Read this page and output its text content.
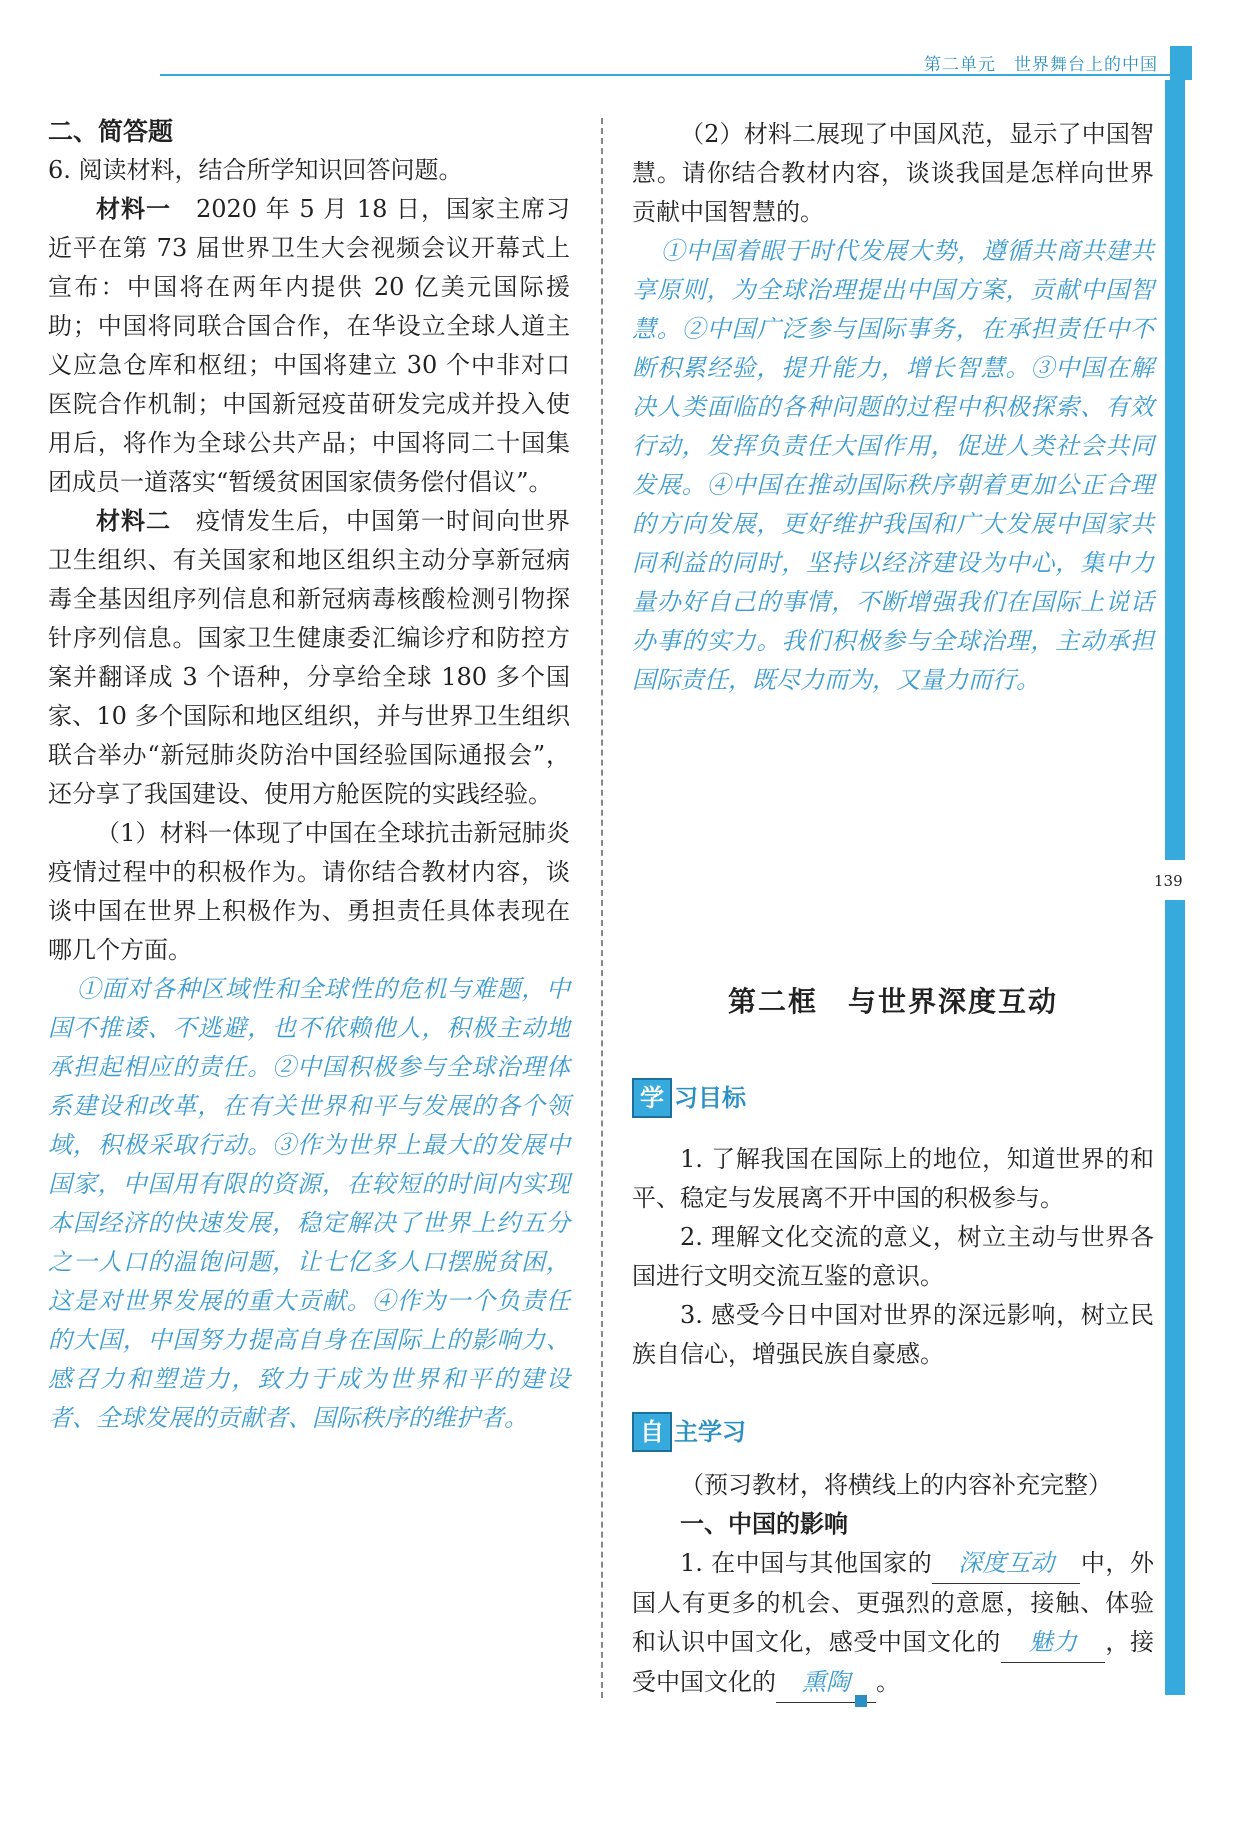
第二单元　世界舞台上的中国
139

二、简答题

6. 阅读材料，结合所学知识回答问题。

材料一　 2020 年 5 月 18 日，国家主席习近平在第 73 届世界卫生大会视频会议开幕式上宣布：中国将在两年内提供 20 亿美元国际援助；中国将同联合国合作，在华设立全球人道主义应急仓库和枢纽；中国将建立 30 个中非对口医院合作机制；中国新冠疫苗研发完成并投入使用后，将作为全球公共产品；中国将同二十国集团成员一道落实“暂缓贫困国家债务偿付倡议”。

材料二　 疫情发生后，中国第一时间向世界卫生组织、有关国家和地区组织主动分享新冠病毒全基因组序列信息和新冠病毒核酸检测引物探针序列信息。国家卫生健康委汇编诊疗和防控方案并翻译成 3 个语种，分享给全球 180 多个国家、10 多个国际和地区组织，并与世界卫生组织联合举办“新冠肺炎防治中国经验国际通报会”，还分享了我国建设、使用方舱医院的实践经验。

（1）材料一体现了中国在全球抗击新冠肺炎疫情过程中的积极作为。请你结合教材内容，谈谈中国在世界上积极作为、勇担责任具体表现在哪几个方面。

①面对各种区域性和全球性的危机与难题，中国不推诿、不逃避，也不依赖他人，积极主动地承担起相应的责任。②中国积极参与全球治理体系建设和改革，在有关世界和平与发展的各个领域，积极采取行动。③作为世界上最大的发展中国家，中国用有限的资源，在较短的时间内实现本国经济的快速发展，稳定解决了世界上约五分之一人口的温饱问题，让七亿多人口摆脱贫困，这是对世界发展的重大贡献。④作为一个负责任的大国，中国努力提高自身在国际上的影响力、感召力和塑造力，致力于成为世界和平的建设者、全球发展的贡献者、国际秩序的维护者。

（2）材料二展现了中国风范，显示了中国智慧。请你结合教材内容，谈谈我国是怎样向世界贡献中国智慧的。

①中国着眼于时代发展大势，遵循共商共建共享原则，为全球治理提出中国方案，贡献中国智慧。②中国广泛参与国际事务，在承担责任中不断积累经验，提升能力，增长智慧。③中国在解决人类面临的各种问题的过程中积极探索、有效行动，发挥负责任大国作用，促进人类社会共同发展。④中国在推动国际秩序朝着更加公正合理的方向发展，更好维护我国和广大发展中国家共同利益的同时，坚持以经济建设为中心，集中力量办好自己的事情，不断增强我们在国际上说话办事的实力。我们积极参与全球治理，主动承担国际责任，既尽力而为，又量力而行。

第二框　与世界深度互动

学 习目标

1. 了解我国在国际上的地位，知道世界的和平、稳定与发展离不开中国的积极参与。

2. 理解文化交流的意义，树立主动与世界各国进行文明交流互鉴的意识。

3. 感受今日中国对世界的深远影响，树立民族自信心，增强民族自豪感。

自 主学习

（预习教材，将横线上的内容补充完整）

一、中国的影响

1. 在中国与其他国家的 深度互动 中，外国人有更多的机会、更强烈的意愿，接触、体验和认识中国文化，感受中国文化的 魅力 ，接受中国文化的 熏陶 。
